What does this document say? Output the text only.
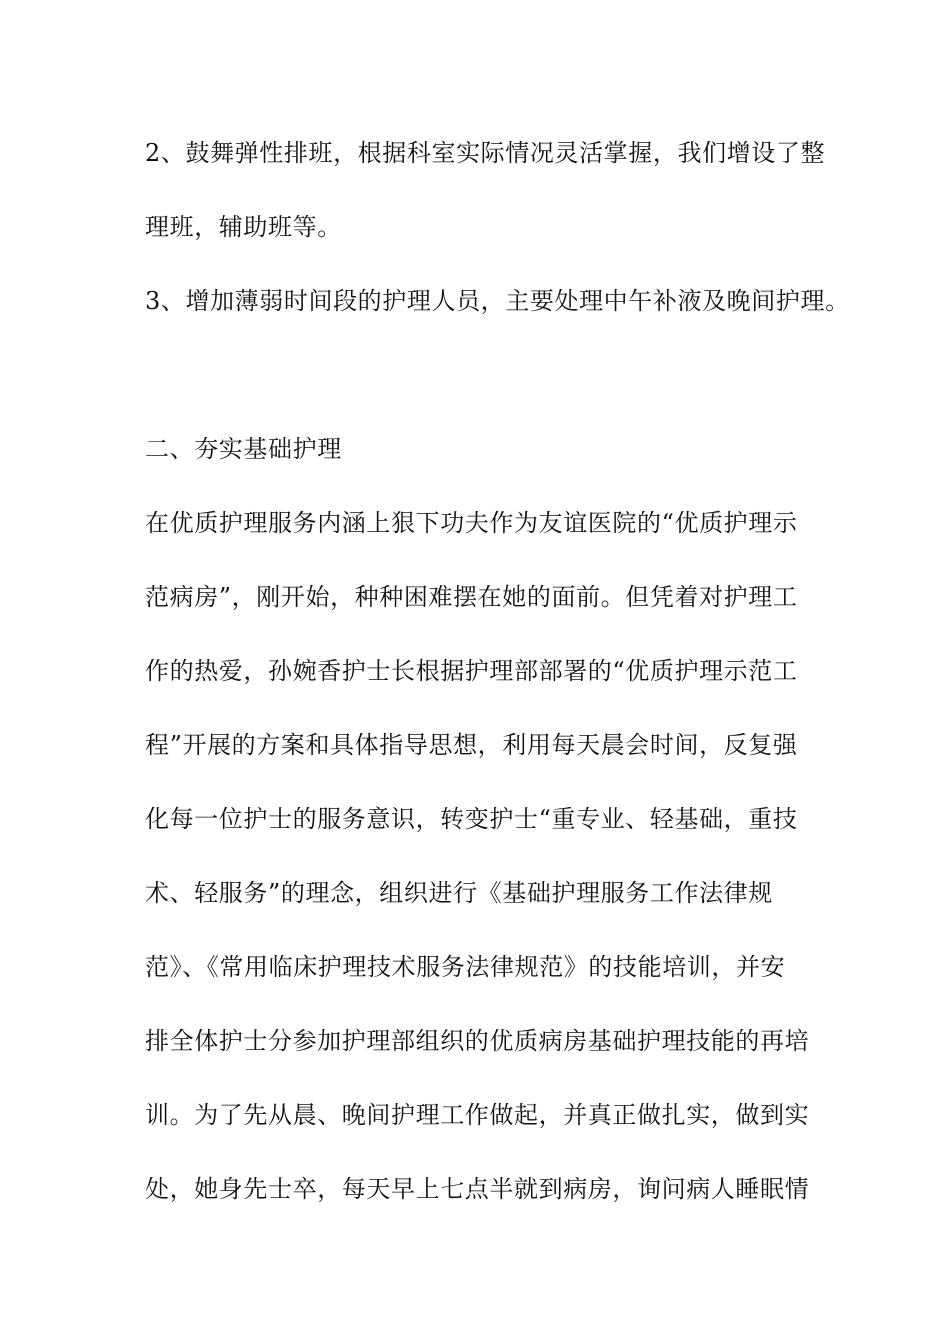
2、鼓舞弹性排班，根据科室实际情况灵活掌握，我们增设了整
理班，辅助班等。
3、增加薄弱时间段的护理人员，主要处理中午补液及晚间护理。
二、夯实基础护理
在优质护理服务内涵上狠下功夫作为友谊医院的“优质护理示
范病房”，刚开始，种种困难摆在她的面前。但凭着对护理工
作的热爱，孙婉香护士长根据护理部部署的“优质护理示范工
程”开展的方案和具体指导思想，利用每天晨会时间，反复强
化每一位护士的服务意识，转变护士“重专业、轻基础，重技
术、轻服务”的理念，组织进行《基础护理服务工作法律规
范》、《常用临床护理技术服务法律规范》的技能培训，并安
排全体护士分参加护理部组织的优质病房基础护理技能的再培
训。为了先从晨、晚间护理工作做起，并真正做扎实，做到实
处，她身先士卒，每天早上七点半就到病房，询问病人睡眠情
